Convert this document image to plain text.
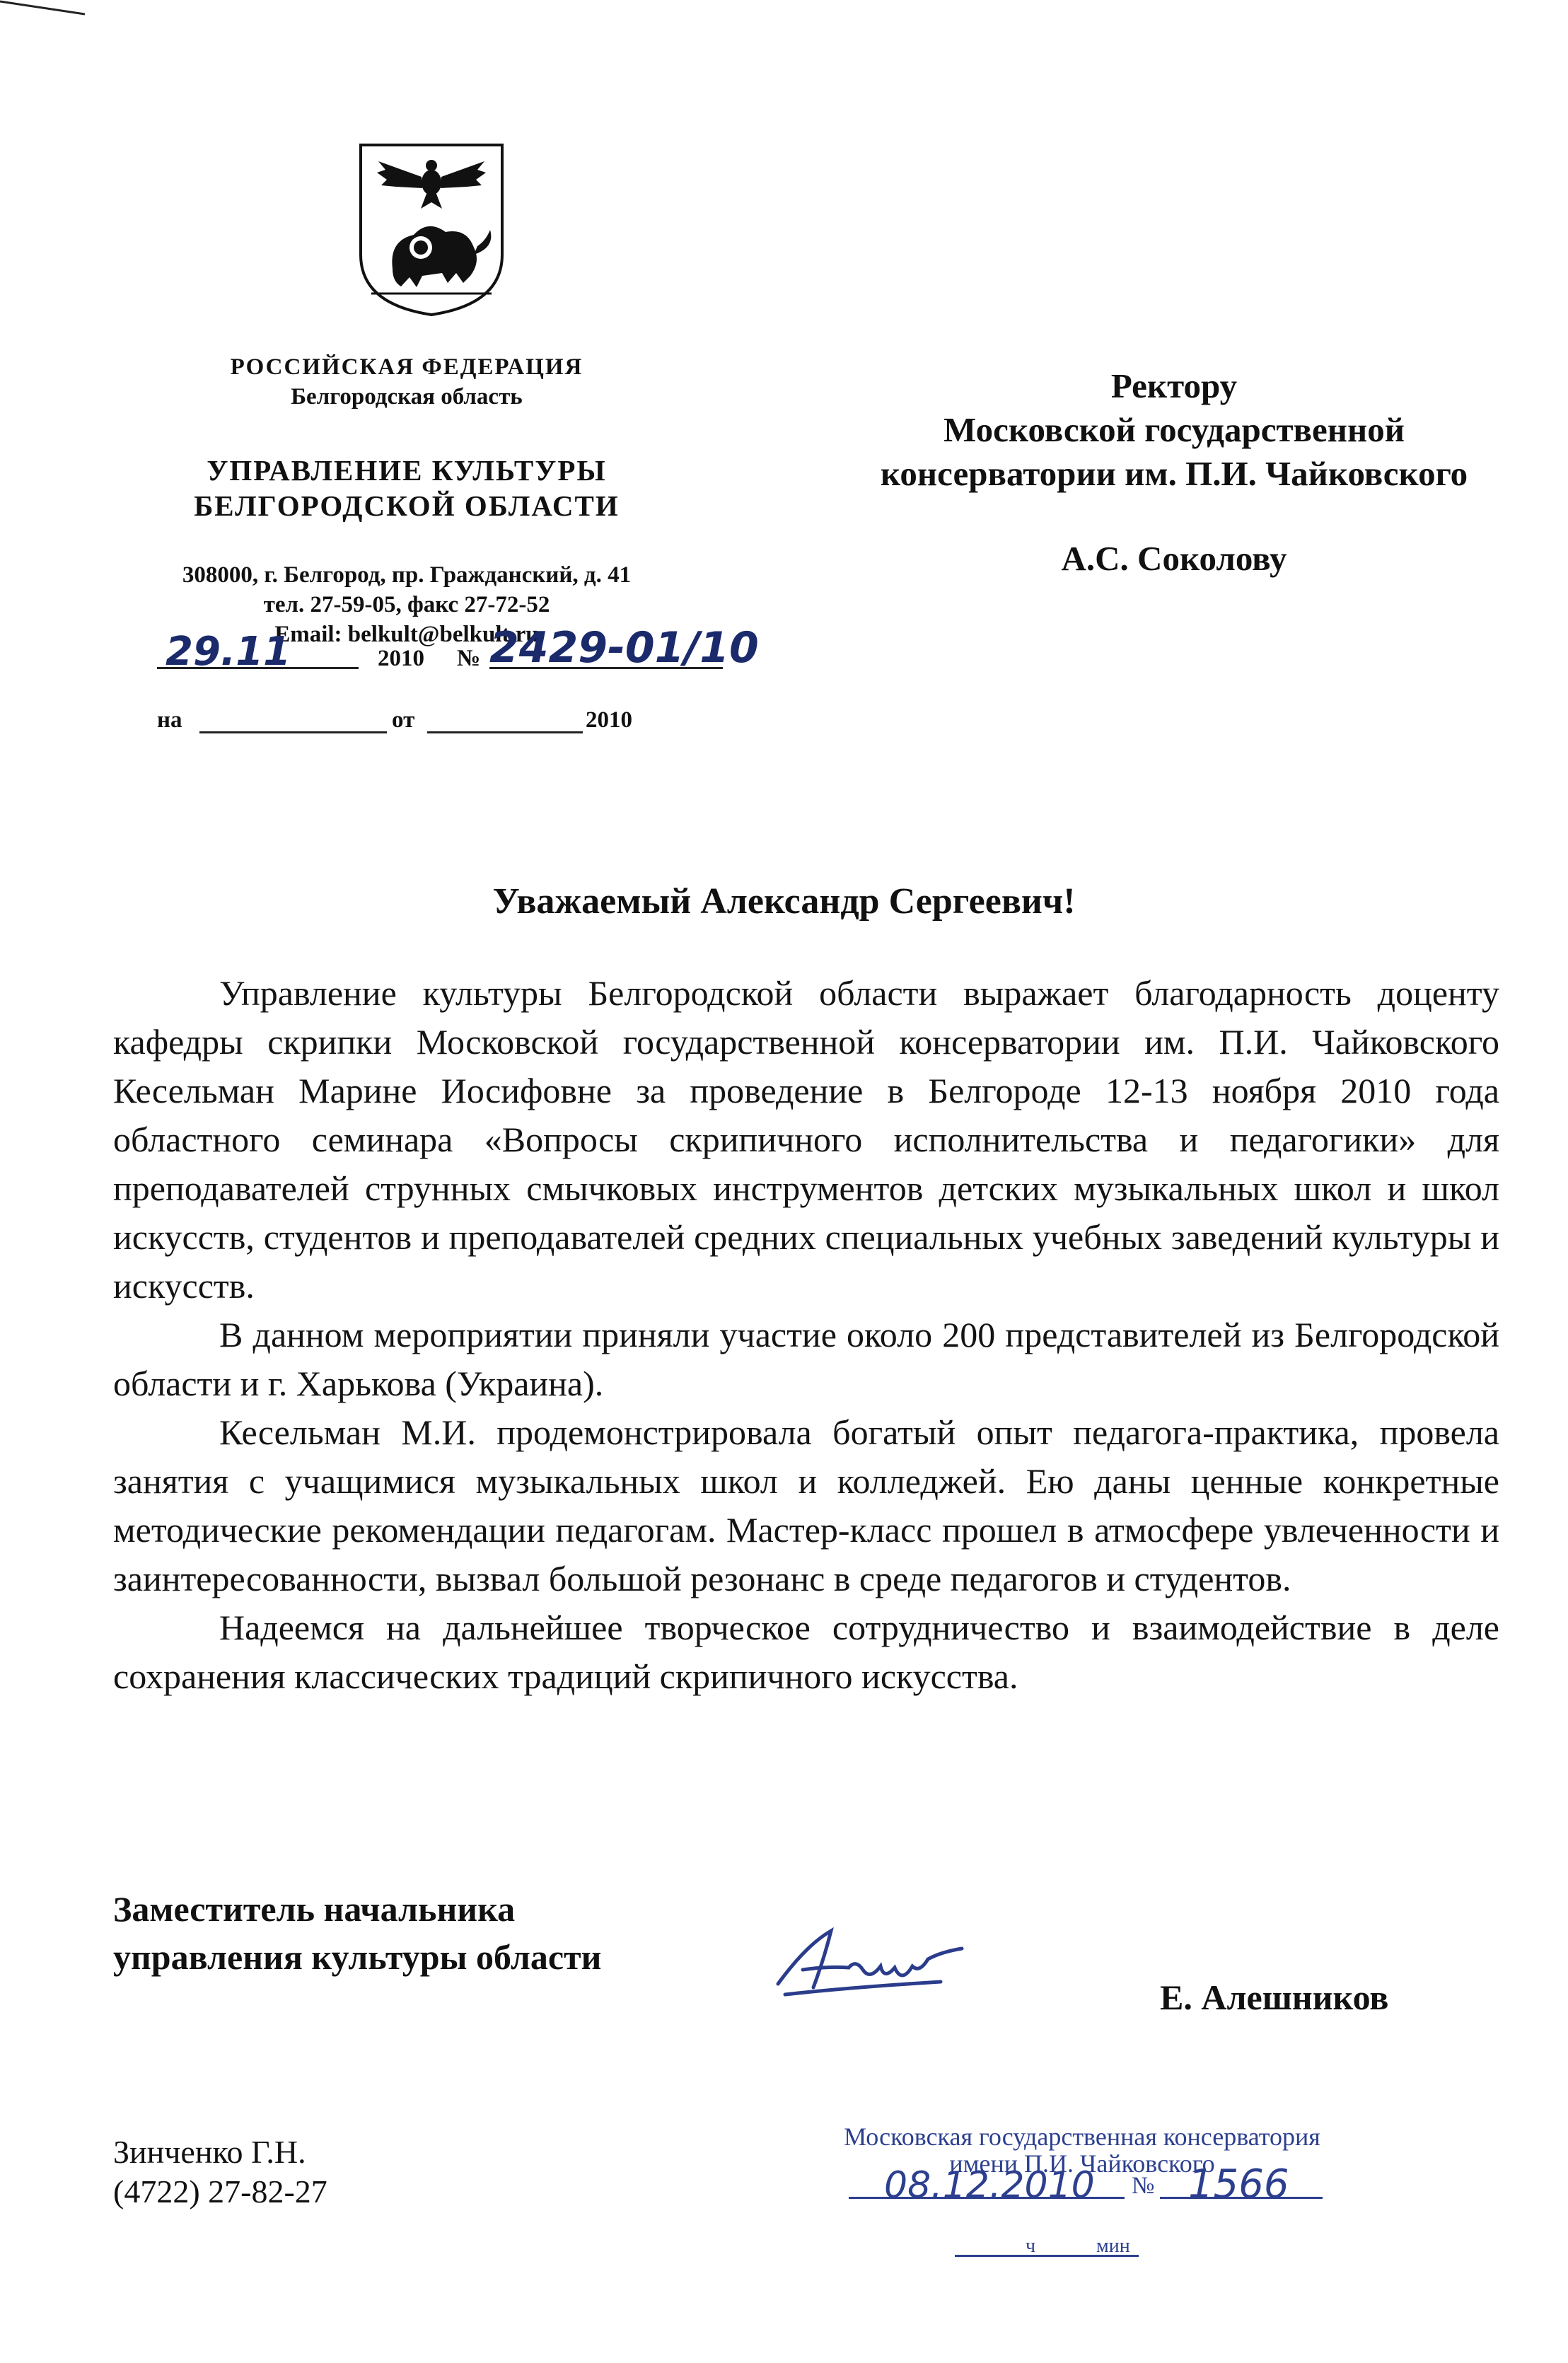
РОССИЙСКАЯ ФЕДЕРАЦИЯ
Белгородская область
УПРАВЛЕНИЕ КУЛЬТУРЫ
БЕЛГОРОДСКОЙ ОБЛАСТИ
308000, г. Белгород, пр. Гражданский, д. 41
тел. 27-59-05, факс 27-72-52
Email: belkult@belkult.ru
29.11	2010 № 2429-01/10
на	от	2010
Ректору
Московской государственной
консерватории им. П.И. Чайковского
А.С. Соколову
Уважаемый Александр Сергеевич!

Управление культуры Белгородской области выражает благодарность доценту кафедры скрипки Московской государственной консерватории им. П.И. Чайковского Кесельман Марине Иосифовне за проведение в Белгороде 12-13 ноября 2010 года областного семинара «Вопросы скрипичного исполнительства и педагогики» для преподавателей струнных смычковых инструментов детских музыкальных школ и школ искусств, студентов и преподавателей средних специальных учебных заведений культуры и искусств.

В данном мероприятии приняли участие около 200 представителей из Белгородской области и г. Харькова (Украина).

Кесельман М.И. продемонстрировала богатый опыт педагога-практика, провела занятия с учащимися музыкальных школ и колледжей. Ею даны ценные конкретные методические рекомендации педагогам. Мастер-класс прошел в атмосфере увлеченности и заинтересованности, вызвал большой резонанс в среде педагогов и студентов.

Надеемся на дальнейшее творческое сотрудничество и взаимодействие в деле сохранения классических традиций скрипичного искусства.

Заместитель начальника
управления культуры области
Е. Алешников
Зинченко Г.Н.
(4722) 27-82-27
Московская государственная консерватория
имени П.И. Чайковского
08.12.2010 № 1566
ч	мин
